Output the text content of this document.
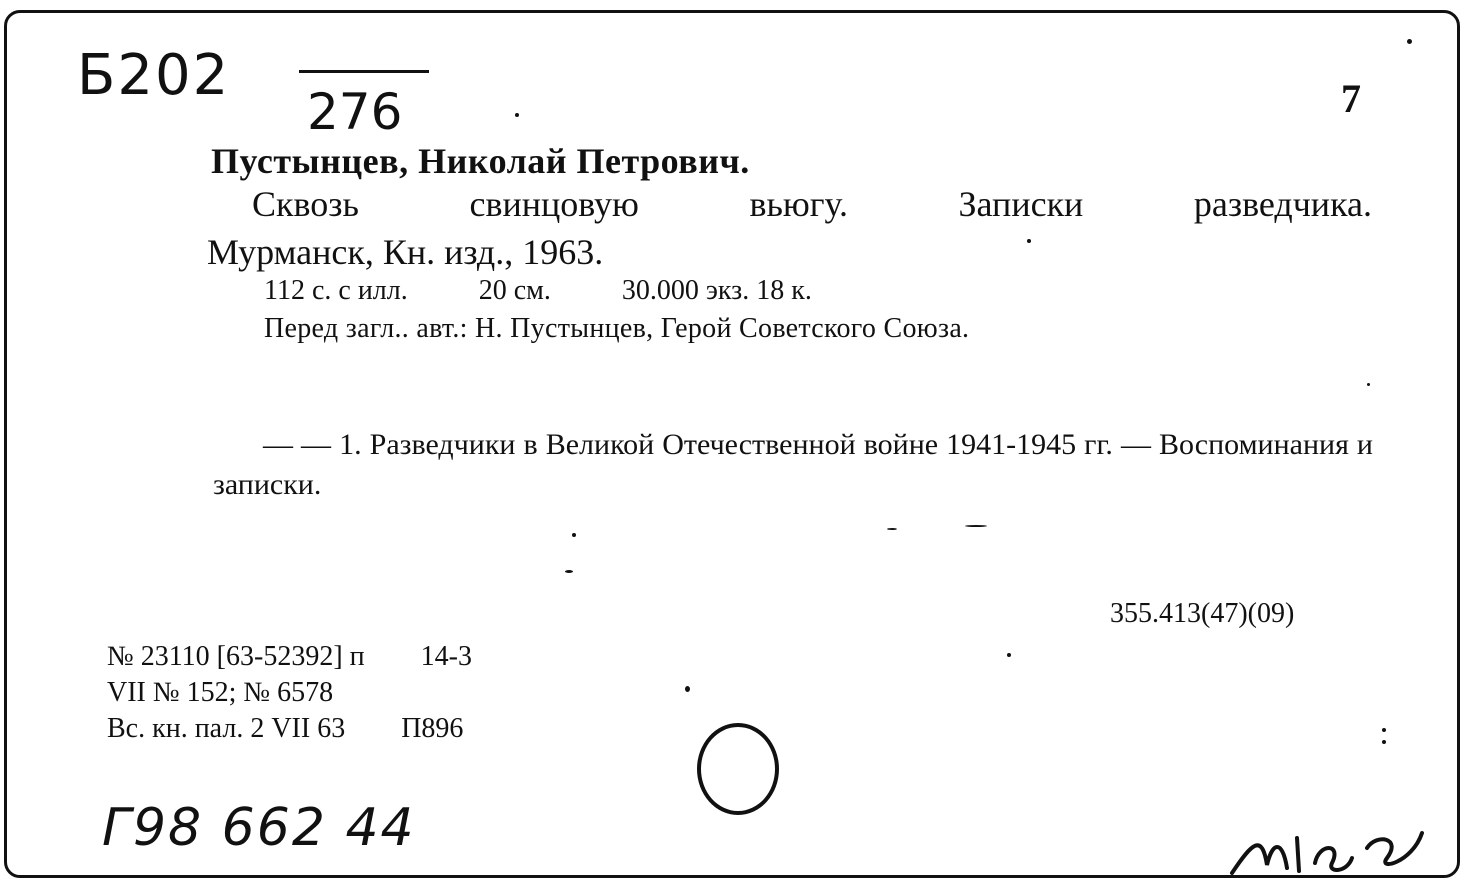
Б202
276	7
Пустынцев, Николай Петрович.
Сквозь	свинцовую	вьюгу.	Записки	разведчика.
Мурманск, Кн. изд., 1963.
112 с. с илл.	20 см.	30.000 экз. 18 к.
Перед загл.. авт.: Н. Пустынцев, Герой Советского Союза.
— — 1. Разведчики в Великой Отечественной войне 1941-1945 гг. — Воспоминания и записки.
355.413(47)(09)
№ 23110 [63-52392] п 14-3
VII № 152; № 6578
Вс. кн. пал. 2 VII 63 П896
Г98 662 44
